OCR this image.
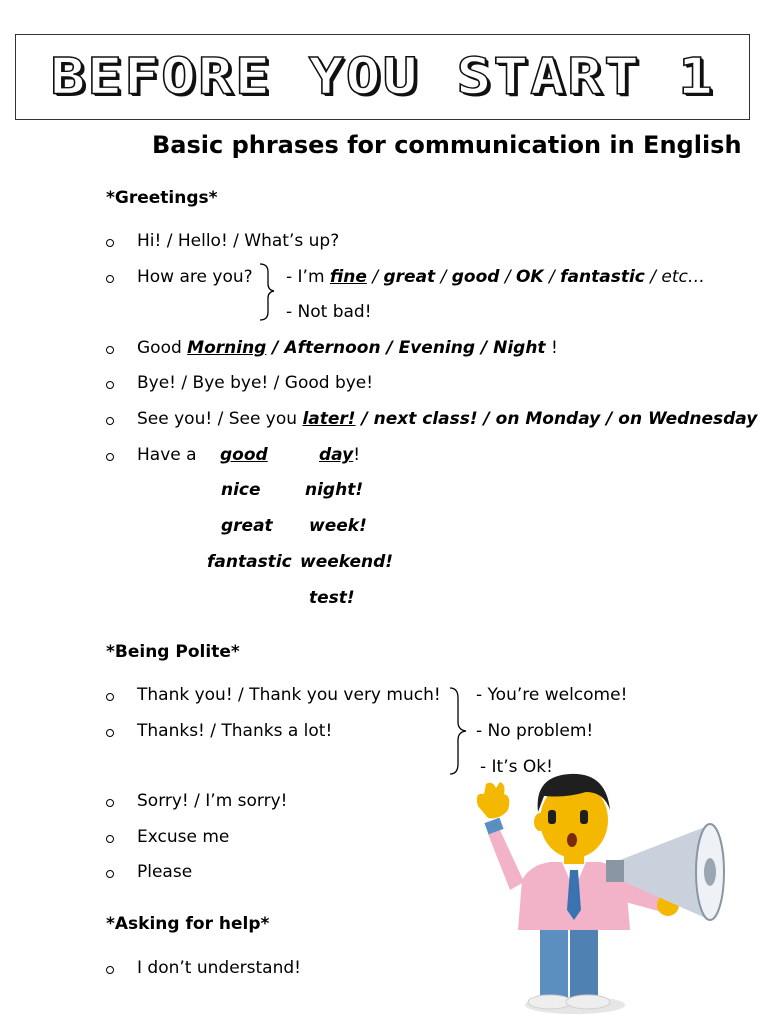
BEFORE YOU START 1
Basic phrases for communication in English
*Greetings*
Hi! / Hello! / What’s up?
How are you? - I’m fine / great / good / OK / fantastic / etc…
- Not bad!
Good Morning / Afternoon / Evening / Night !
Bye! / Bye bye! / Good bye!
See you! / See you later! / next class! / on Monday / on Wednesday
Have a good
nice
great
fantastic
day!
night!
week!
weekend!
test!
*Being Polite*
Thank you! / Thank you very much!
Thanks! / Thanks a lot!
- You’re welcome!
- No problem!
- It’s Ok!
Sorry! / I’m sorry!
Excuse me
Please
*Asking for help*
I don’t understand!
